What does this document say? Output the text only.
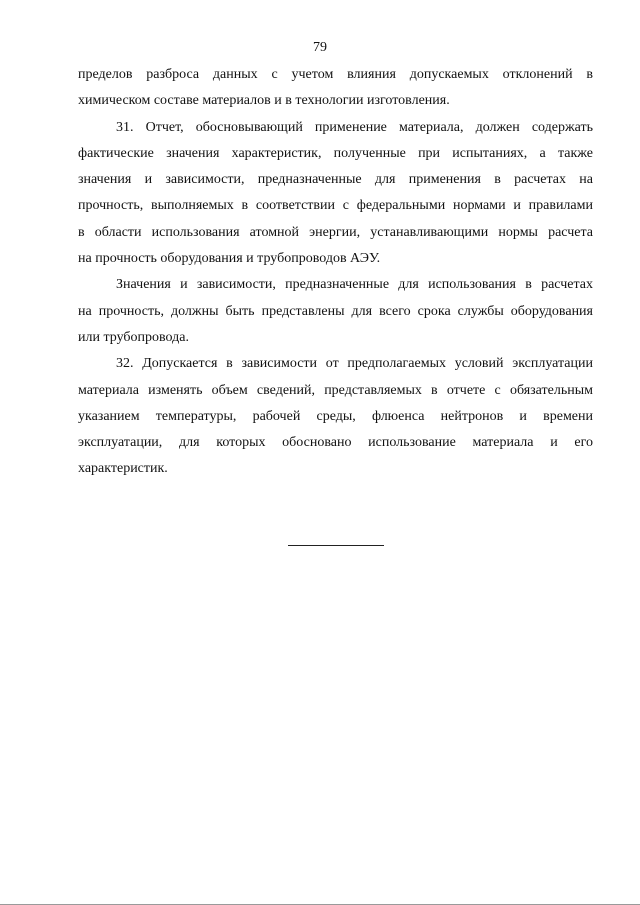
79
пределов разброса данных с учетом влияния допускаемых отклонений в
химическом составе материалов и в технологии изготовления.
31. Отчет, обосновывающий применение материала, должен содержать
фактические значения характеристик, полученные при испытаниях, а также
значения и зависимости, предназначенные для применения в расчетах на
прочность, выполняемых в соответствии с федеральными нормами и правилами
в области использования атомной энергии, устанавливающими нормы расчета
на прочность оборудования и трубопроводов АЭУ.
Значения и зависимости, предназначенные для использования в расчетах
на прочность, должны быть представлены для всего срока службы оборудования
или трубопровода.
32. Допускается в зависимости от предполагаемых условий эксплуатации
материала изменять объем сведений, представляемых в отчете с обязательным
указанием температуры, рабочей среды, флюенса нейтронов и времени
эксплуатации, для которых обосновано использование материала и его
характеристик.
